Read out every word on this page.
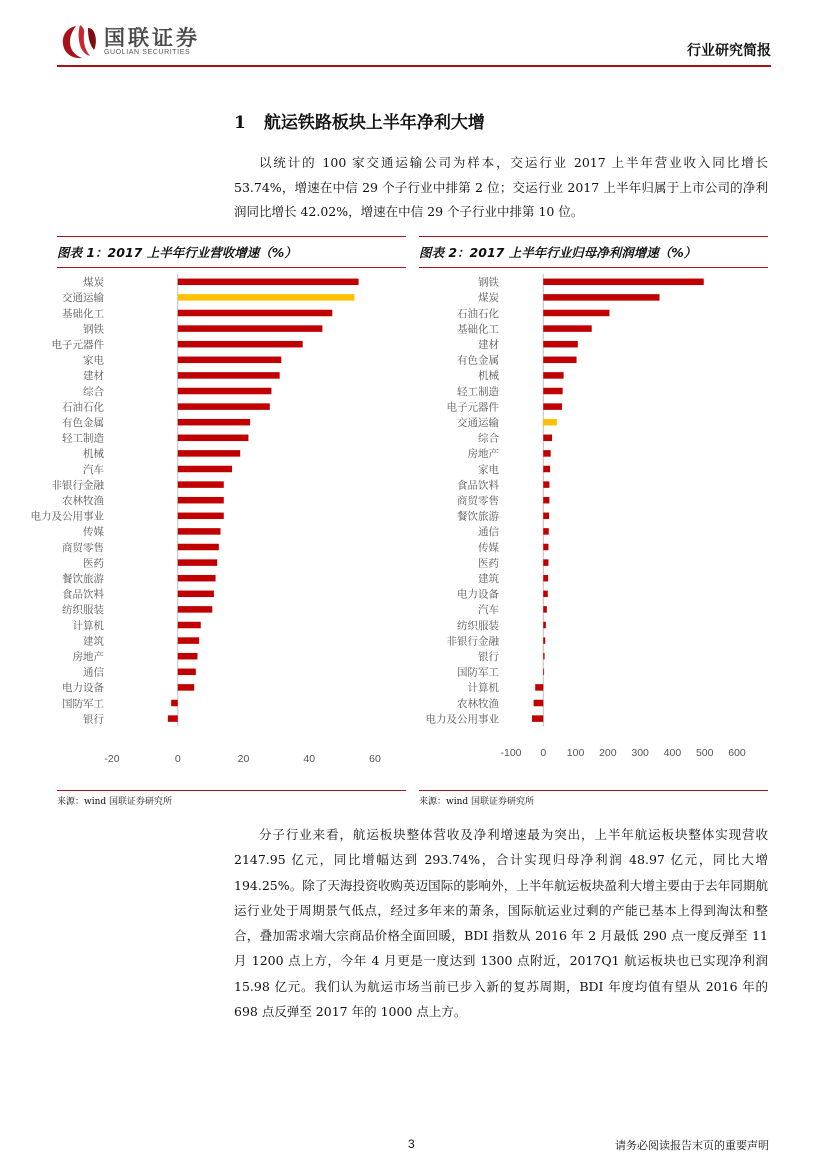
国联证券
GUOLIAN SECURITIES	行业研究简报
1 航运铁路板块上半年净利大增
以统计的 100 家交通运输公司为样本，交运行业 2017 上半年营业收入同比增长 53.74%，增速在中信 29 个子行业中排第 2 位；交运行业 2017 上半年归属于上市公司的净利润同比增长 42.02%，增速在中信 29 个子行业中排第 10 位。
图表 1：2017 上半年行业营收增速（%）
煤炭
交通运输
基础化工
钢铁
电子元器件
家电
建材
综合
石油石化
有色金属
轻工制造
机械
汽车
非银行金融
农林牧渔
电力及公用事业
传媒
商贸零售
医药
餐饮旅游
食品饮料
纺织服装
计算机
建筑
房地产
通信
电力设备
国防军工
银行
-20	0	20	40	60
来源：wind 国联证券研究所
图表 2：2017 上半年行业归母净利润增速（%）
钢铁
煤炭
石油石化
基础化工
建材
有色金属
机械
轻工制造
电子元器件
交通运输
综合
房地产
家电
食品饮料
商贸零售
餐饮旅游
通信
传媒
医药
建筑
电力设备
汽车
纺织服装
非银行金融
银行
国防军工
计算机
农林牧渔
电力及公用事业
-100 0 100 200 300 400 500 600
来源：wind 国联证券研究所
分子行业来看，航运板块整体营收及净利增速最为突出，上半年航运板块整体实现营收 2147.95 亿元，同比增幅达到 293.74%，合计实现归母净利润 48.97 亿元，同比大增 194.25%。除了天海投资收购英迈国际的影响外，上半年航运板块盈利大增主要由于去年同期航运行业处于周期景气低点，经过多年来的萧条，国际航运业过剩的产能已基本上得到淘汰和整合，叠加需求端大宗商品价格全面回暖，BDI 指数从 2016 年 2 月最低 290 点一度反弹至 11 月 1200 点上方，今年 4 月更是一度达到 1300 点附近，2017Q1 航运板块也已实现净利润 15.98 亿元。我们认为航运市场当前已步入新的复苏周期，BDI 年度均值有望从 2016 年的 698 点反弹至 2017 年的 1000 点上方。
3	请务必阅读报告末页的重要声明
